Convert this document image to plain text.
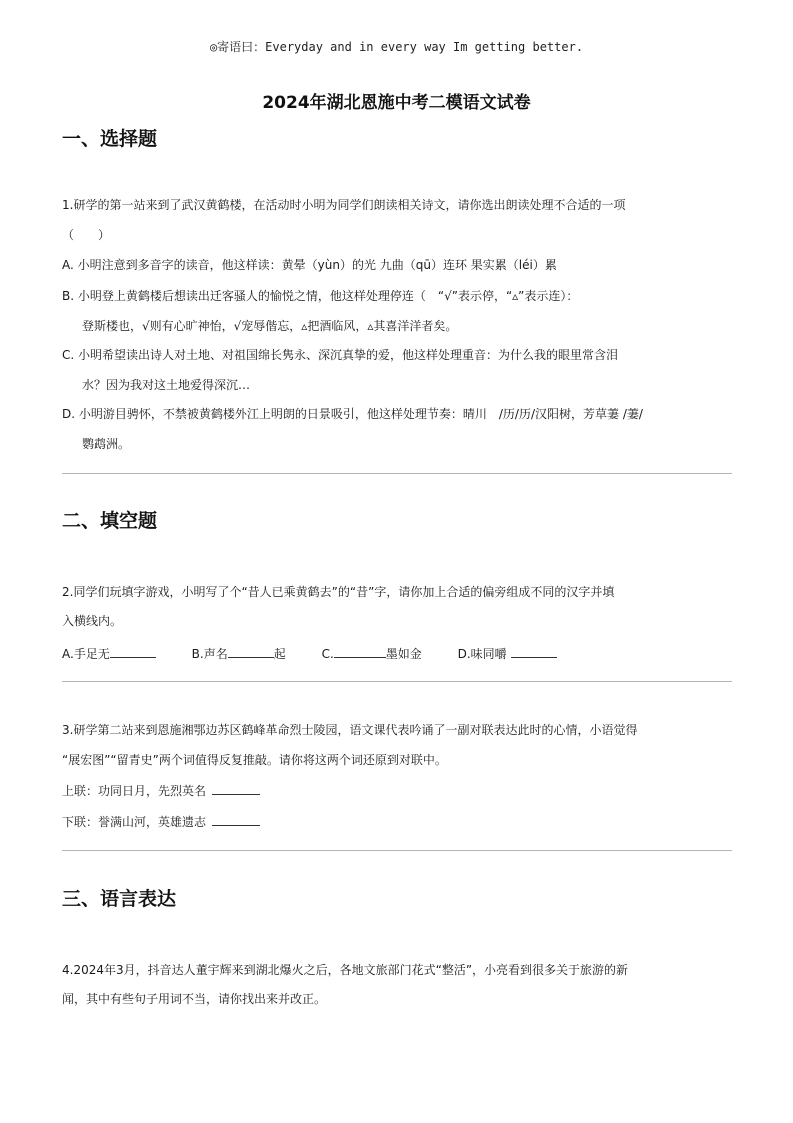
◎寄语曰：Everyday and in every way Im getting better.
2024年湖北恩施中考二模语文试卷
一、选择题
1.研学的第一站来到了武汉黄鹤楼，在活动时小明为同学们朗读相关诗文，请你选出朗读处理不合适的一项
（　　）
A. 小明注意到多音字的读音，他这样读：黄晕（yùn）的光 九曲（qū）连环 果实累（léi）累
B. 小明登上黄鹤楼后想读出迁客骚人的愉悦之情，他这样处理停连（　“√”表示停，“▵”表示连）：
登斯楼也，√则有心旷神怡，√宠辱偕忘，▵把酒临风，▵其喜洋洋者矣。
C. 小明希望读出诗人对土地、对祖国绵长隽永、深沉真挚的爱，他这样处理重音：为什么我的眼里常含泪
水？因为我对这土地爱得深沉…
D. 小明游目骋怀，不禁被黄鹤楼外江上明朗的日景吸引，他这样处理节奏：晴川　/历/历/汉阳树，芳草萋 /萋/
鹦鹉洲。
二、填空题
2.同学们玩填字游戏，小明写了个“昔人已乘黄鹤去”的“昔”字，请你加上合适的偏旁组成不同的汉字并填
入横线内。
A.手足无	B.声名	起	C.	墨如金	D.味同嚼
3.研学第二站来到恩施湘鄂边苏区鹤峰革命烈士陵园，语文课代表吟诵了一副对联表达此时的心情，小语觉得
“展宏图”“留青史”两个词值得反复推敲。请你将这两个词还原到对联中。
上联：功同日月，先烈英名
下联：誉满山河，英雄遗志
三、语言表达
4.2024年3月，抖音达人董宇辉来到湖北爆火之后，各地文旅部门花式“整活”，小亮看到很多关于旅游的新
闻，其中有些句子用词不当，请你找出来并改正。
